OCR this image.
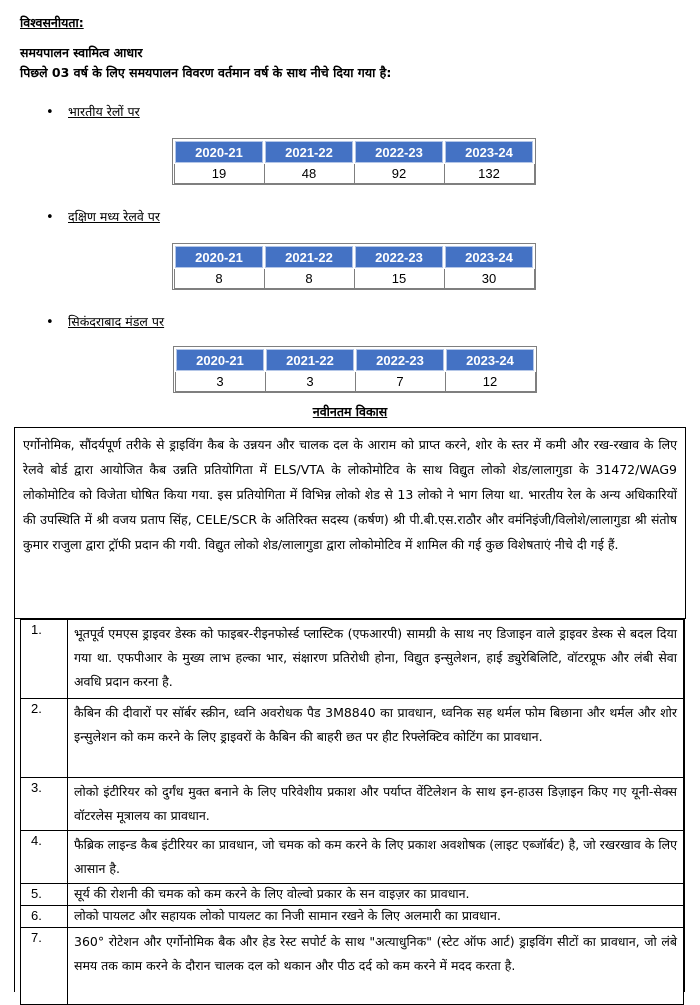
विश्वसनीयता:
समयपालन स्वामित्व आधार
पिछले 03 वर्ष के लिए समयपालन विवरण वर्तमान वर्ष के साथ नीचे दिया गया है:
• भारतीय रेलों पर
2020-21	2021-22	2022-23	2023-24
19	48	92	132
• दक्षिण मध्य रेलवे पर
2020-21	2021-22	2022-23	2023-24
8	8	15	30
• सिकंदराबाद मंडल पर
2020-21	2021-22	2022-23	2023-24
3	3	7	12
नवीनतम विकास
एर्गोनोमिक, सौंदर्यपूर्ण तरीके से ड्राइविंग कैब के उन्नयन और चालक दल के आराम को प्राप्त करने, शोर के स्तर में कमी और रख-रखाव के लिए रेलवे बोर्ड द्वारा आयोजित कैब उन्नति प्रतियोगिता में ELS/VTA के लोकोमोटिव के साथ विद्युत लोको शेड/लालागुडा के 31472/WAG9 लोकोमोटिव को विजेता घोषित किया गया. इस प्रतियोगिता में विभिन्न लोको शेड से 13 लोको ने भाग लिया था. भारतीय रेल के अन्य अधिकारियों की उपस्थिति में श्री वजय प्रताप सिंह, CELE/SCR के अतिरिक्त सदस्य (कर्षण) श्री पी.बी.एस.राठौर और वमंनिइंजी/विलोशे/लालागुडा श्री संतोष कुमार राजुला द्वारा ट्रॉफी प्रदान की गयी. विद्युत लोको शेड/लालागुडा द्वारा लोकोमोटिव में शामिल की गई कुछ विशेषताएं नीचे दी गई हैं.
1.	भूतपूर्व एमएस ड्राइवर डेस्क को फाइबर-रीइनफोर्स्ड प्लास्टिक (एफआरपी) सामग्री के साथ नए डिजाइन वाले ड्राइवर डेस्क से बदल दिया गया था. एफपीआर के मुख्य लाभ हल्का भार, संक्षारण प्रतिरोधी होना, विद्युत इन्सुलेशन, हाई ड्युरेबिलिटि, वॉटरप्रूफ और लंबी सेवा अवधि प्रदान करना है.
2.	कैबिन की दीवारों पर सॉर्बर स्क्रीन, ध्वनि अवरोधक पैड 3M8840 का प्रावधान, ध्वनिक सह थर्मल फोम बिछाना और थर्मल और शोर इन्सुलेशन को कम करने के लिए ड्राइवरों के कैबिन की बाहरी छत पर हीट रिफ्लेक्टिव कोटिंग का प्रावधान.
3.	लोको इंटीरियर को दुर्गंध मुक्त बनाने के लिए परिवेशीय प्रकाश और पर्याप्त वेंटिलेशन के साथ इन-हाउस डिज़ाइन किए गए यूनी-सेक्स वॉटरलेस मूत्रालय का प्रावधान.
4.	फैब्रिक लाइन्ड कैब इंटीरियर का प्रावधान, जो चमक को कम करने के लिए प्रकाश अवशोषक (लाइट एब्जॉर्बट) है, जो रखरखाव के लिए आसान है.
5.	सूर्य की रोशनी की चमक को कम करने के लिए वोल्वो प्रकार के सन वाइज़र का प्रावधान.
6.	लोको पायलट और सहायक लोको पायलट का निजी सामान रखने के लिए अलमारी का प्रावधान.
7.	360° रोटेशन और एर्गोनोमिक बैक और हेड रेस्ट सपोर्ट के साथ "अत्याधुनिक" (स्टेट ऑफ आर्ट) ड्राइविंग सीटों का प्रावधान, जो लंबे समय तक काम करने के दौरान चालक दल को थकान और पीठ दर्द को कम करने में मदद करता है.
